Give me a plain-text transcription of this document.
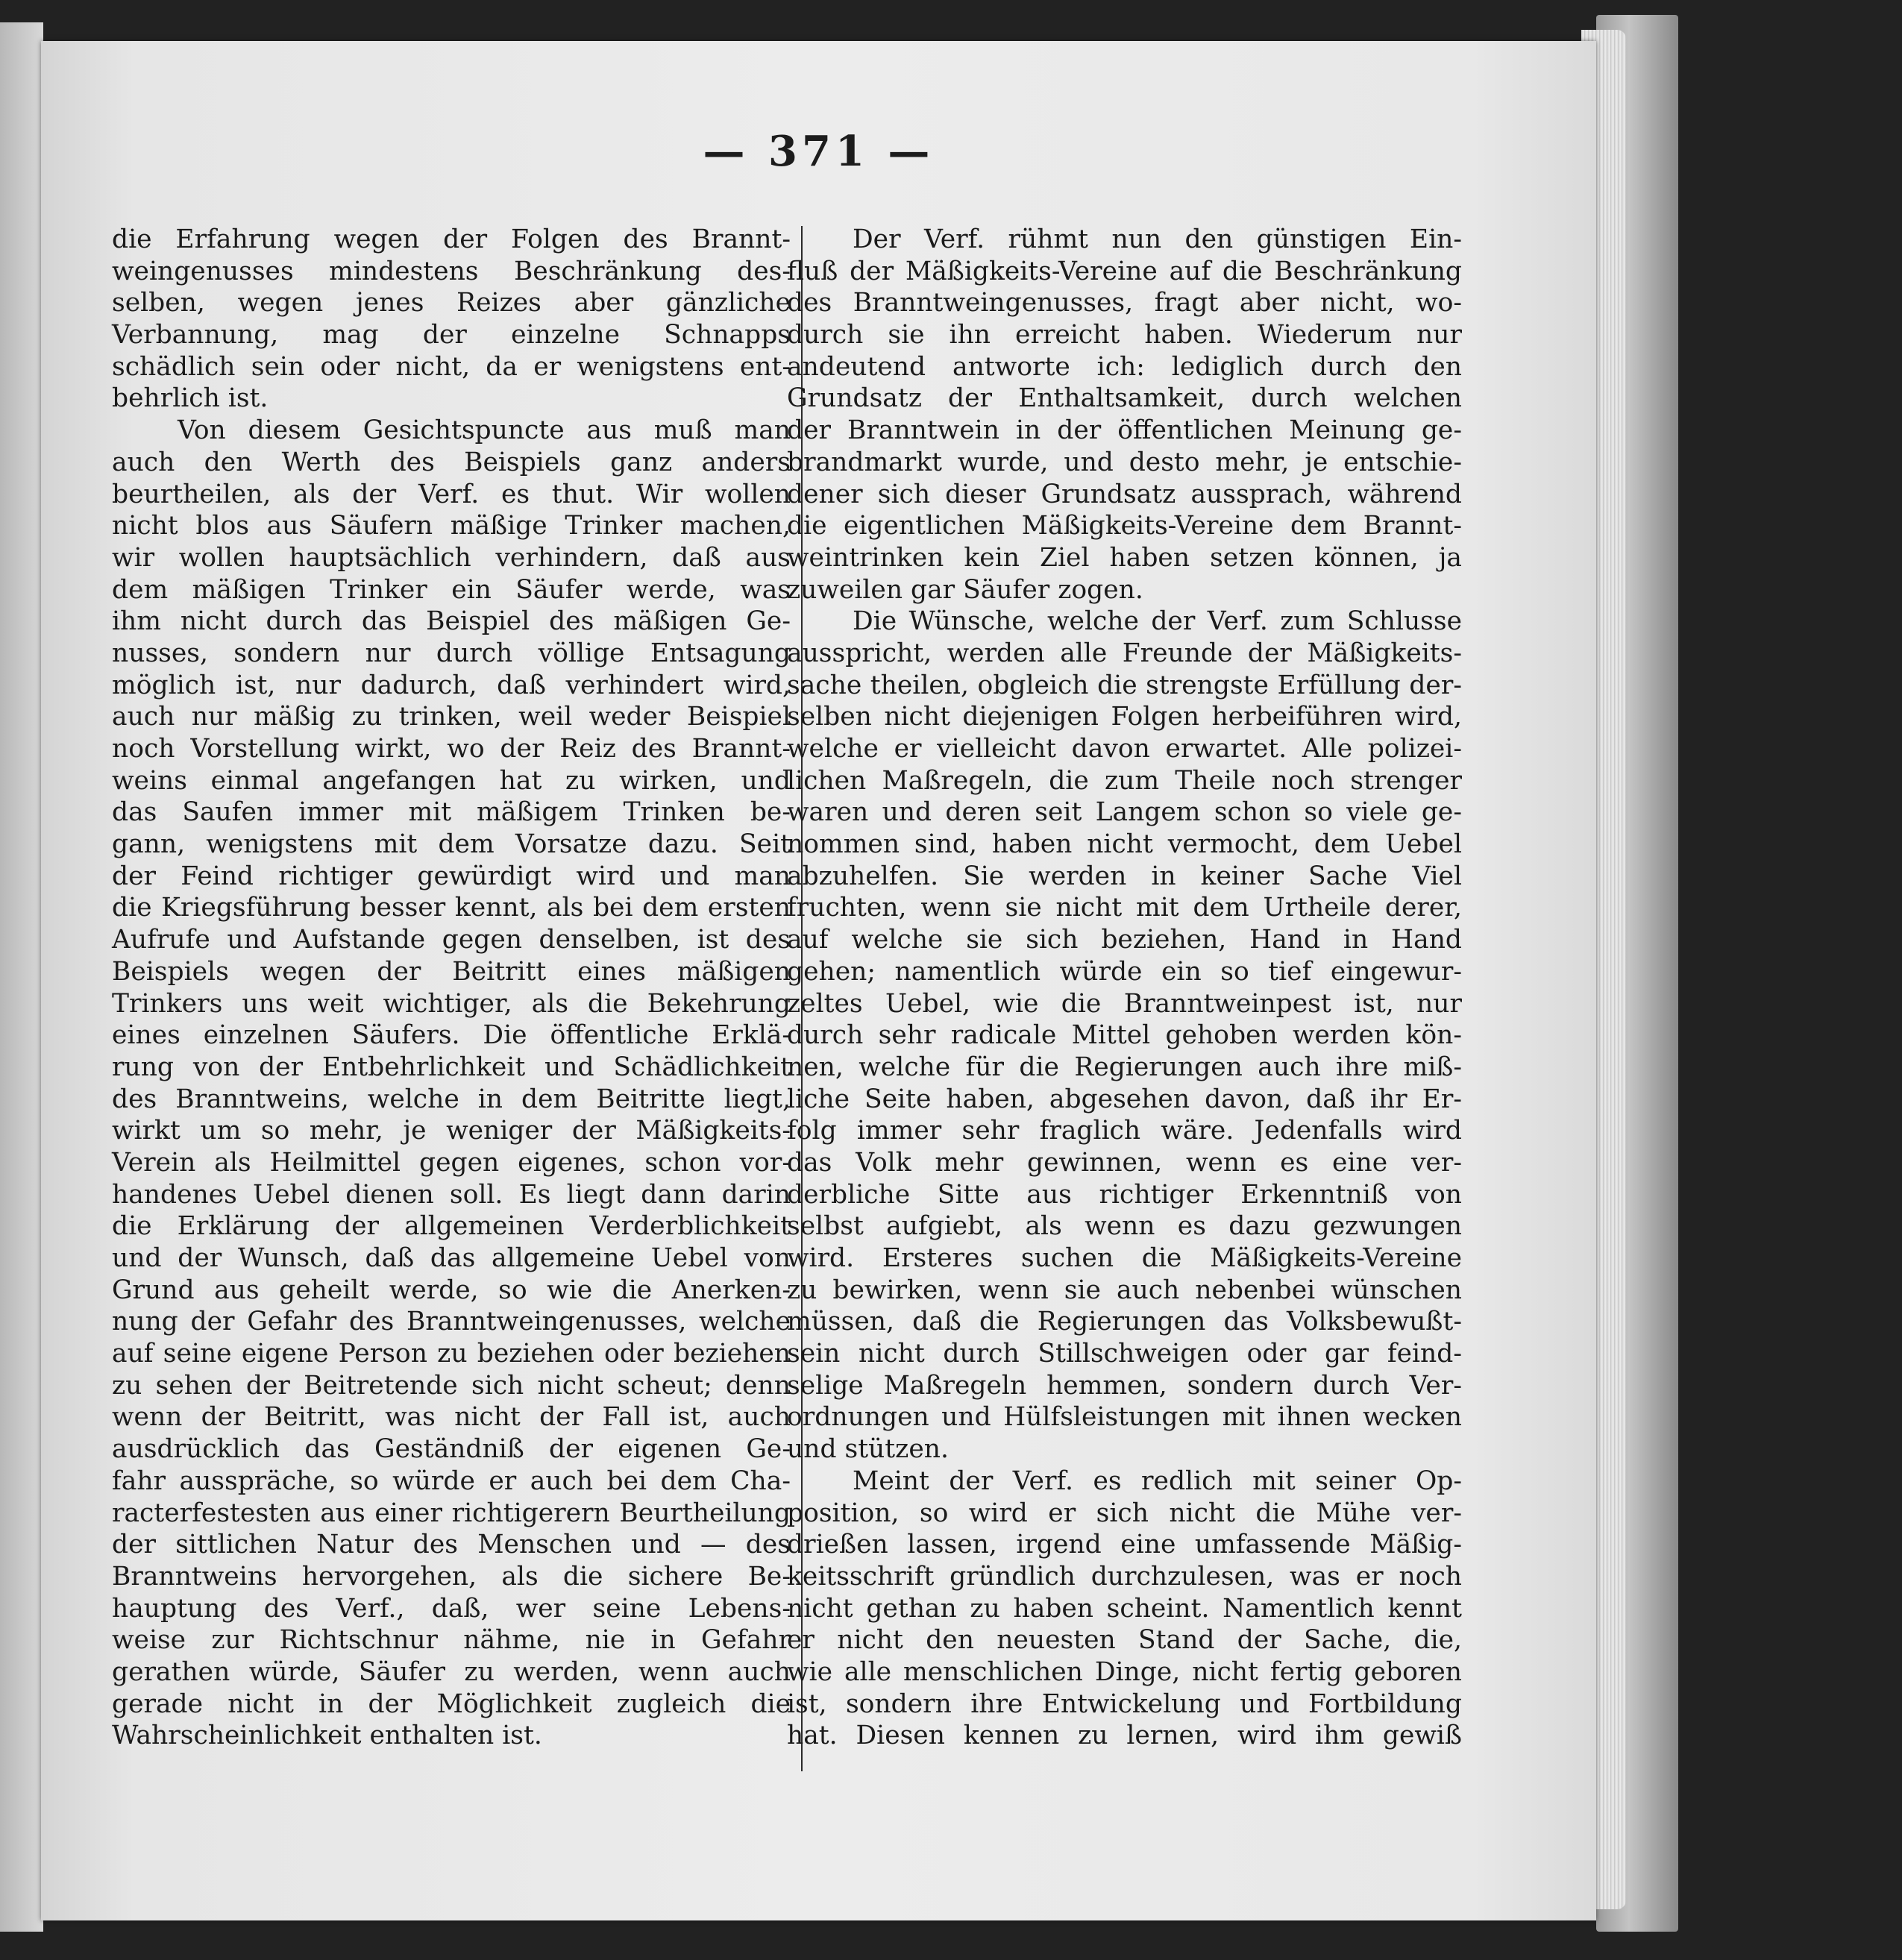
— 371 —
die Erfahrung wegen der Folgen des Brannt-
weingenusses mindestens Beschränkung des-
selben, wegen jenes Reizes aber gänzliche
Verbannung, mag der einzelne Schnapps
schädlich sein oder nicht, da er wenigstens ent-
behrlich ist.
Von diesem Gesichtspuncte aus muß man
auch den Werth des Beispiels ganz anders
beurtheilen, als der Verf. es thut. Wir wollen
nicht blos aus Säufern mäßige Trinker machen,
wir wollen hauptsächlich verhindern, daß aus
dem mäßigen Trinker ein Säufer werde, was
ihm nicht durch das Beispiel des mäßigen Ge-
nusses, sondern nur durch völlige Entsagung
möglich ist, nur dadurch, daß verhindert wird,
auch nur mäßig zu trinken, weil weder Beispiel
noch Vorstellung wirkt, wo der Reiz des Brannt-
weins einmal angefangen hat zu wirken, und
das Saufen immer mit mäßigem Trinken be-
gann, wenigstens mit dem Vorsatze dazu. Seit
der Feind richtiger gewürdigt wird und man
die Kriegsführung besser kennt, als bei dem ersten
Aufrufe und Aufstande gegen denselben, ist des
Beispiels wegen der Beitritt eines mäßigen
Trinkers uns weit wichtiger, als die Bekehrung
eines einzelnen Säufers. Die öffentliche Erklä-
rung von der Entbehrlichkeit und Schädlichkeit
des Branntweins, welche in dem Beitritte liegt,
wirkt um so mehr, je weniger der Mäßigkeits-
Verein als Heilmittel gegen eigenes, schon vor-
handenes Uebel dienen soll. Es liegt dann darin
die Erklärung der allgemeinen Verderblichkeit
und der Wunsch, daß das allgemeine Uebel von
Grund aus geheilt werde, so wie die Anerken-
nung der Gefahr des Branntweingenusses, welche
auf seine eigene Person zu beziehen oder beziehen
zu sehen der Beitretende sich nicht scheut; denn
wenn der Beitritt, was nicht der Fall ist, auch
ausdrücklich das Geständniß der eigenen Ge-
fahr ausspräche, so würde er auch bei dem Cha-
racterfestesten aus einer richtigerern Beurtheilung
der sittlichen Natur des Menschen und — des
Branntweins hervorgehen, als die sichere Be-
hauptung des Verf., daß, wer seine Lebens-
weise zur Richtschnur nähme, nie in Gefahr
gerathen würde, Säufer zu werden, wenn auch
gerade nicht in der Möglichkeit zugleich die
Wahrscheinlichkeit enthalten ist.
Der Verf. rühmt nun den günstigen Ein-
fluß der Mäßigkeits-Vereine auf die Beschränkung
des Branntweingenusses, fragt aber nicht, wo-
durch sie ihn erreicht haben. Wiederum nur
andeutend antworte ich: lediglich durch den
Grundsatz der Enthaltsamkeit, durch welchen
der Branntwein in der öffentlichen Meinung ge-
brandmarkt wurde, und desto mehr, je entschie-
dener sich dieser Grundsatz aussprach, während
die eigentlichen Mäßigkeits-Vereine dem Brannt-
weintrinken kein Ziel haben setzen können, ja
zuweilen gar Säufer zogen.
Die Wünsche, welche der Verf. zum Schlusse
ausspricht, werden alle Freunde der Mäßigkeits-
sache theilen, obgleich die strengste Erfüllung der-
selben nicht diejenigen Folgen herbeiführen wird,
welche er vielleicht davon erwartet. Alle polizei-
lichen Maßregeln, die zum Theile noch strenger
waren und deren seit Langem schon so viele ge-
nommen sind, haben nicht vermocht, dem Uebel
abzuhelfen. Sie werden in keiner Sache Viel
fruchten, wenn sie nicht mit dem Urtheile derer,
auf welche sie sich beziehen, Hand in Hand
gehen; namentlich würde ein so tief eingewur-
zeltes Uebel, wie die Branntweinpest ist, nur
durch sehr radicale Mittel gehoben werden kön-
nen, welche für die Regierungen auch ihre miß-
liche Seite haben, abgesehen davon, daß ihr Er-
folg immer sehr fraglich wäre. Jedenfalls wird
das Volk mehr gewinnen, wenn es eine ver-
derbliche Sitte aus richtiger Erkenntniß von
selbst aufgiebt, als wenn es dazu gezwungen
wird. Ersteres suchen die Mäßigkeits-Vereine
zu bewirken, wenn sie auch nebenbei wünschen
müssen, daß die Regierungen das Volksbewußt-
sein nicht durch Stillschweigen oder gar feind-
selige Maßregeln hemmen, sondern durch Ver-
ordnungen und Hülfsleistungen mit ihnen wecken
und stützen.
Meint der Verf. es redlich mit seiner Op-
position, so wird er sich nicht die Mühe ver-
drießen lassen, irgend eine umfassende Mäßig-
keitsschrift gründlich durchzulesen, was er noch
nicht gethan zu haben scheint. Namentlich kennt
er nicht den neuesten Stand der Sache, die,
wie alle menschlichen Dinge, nicht fertig geboren
ist, sondern ihre Entwickelung und Fortbildung
hat. Diesen kennen zu lernen, wird ihm gewiß
